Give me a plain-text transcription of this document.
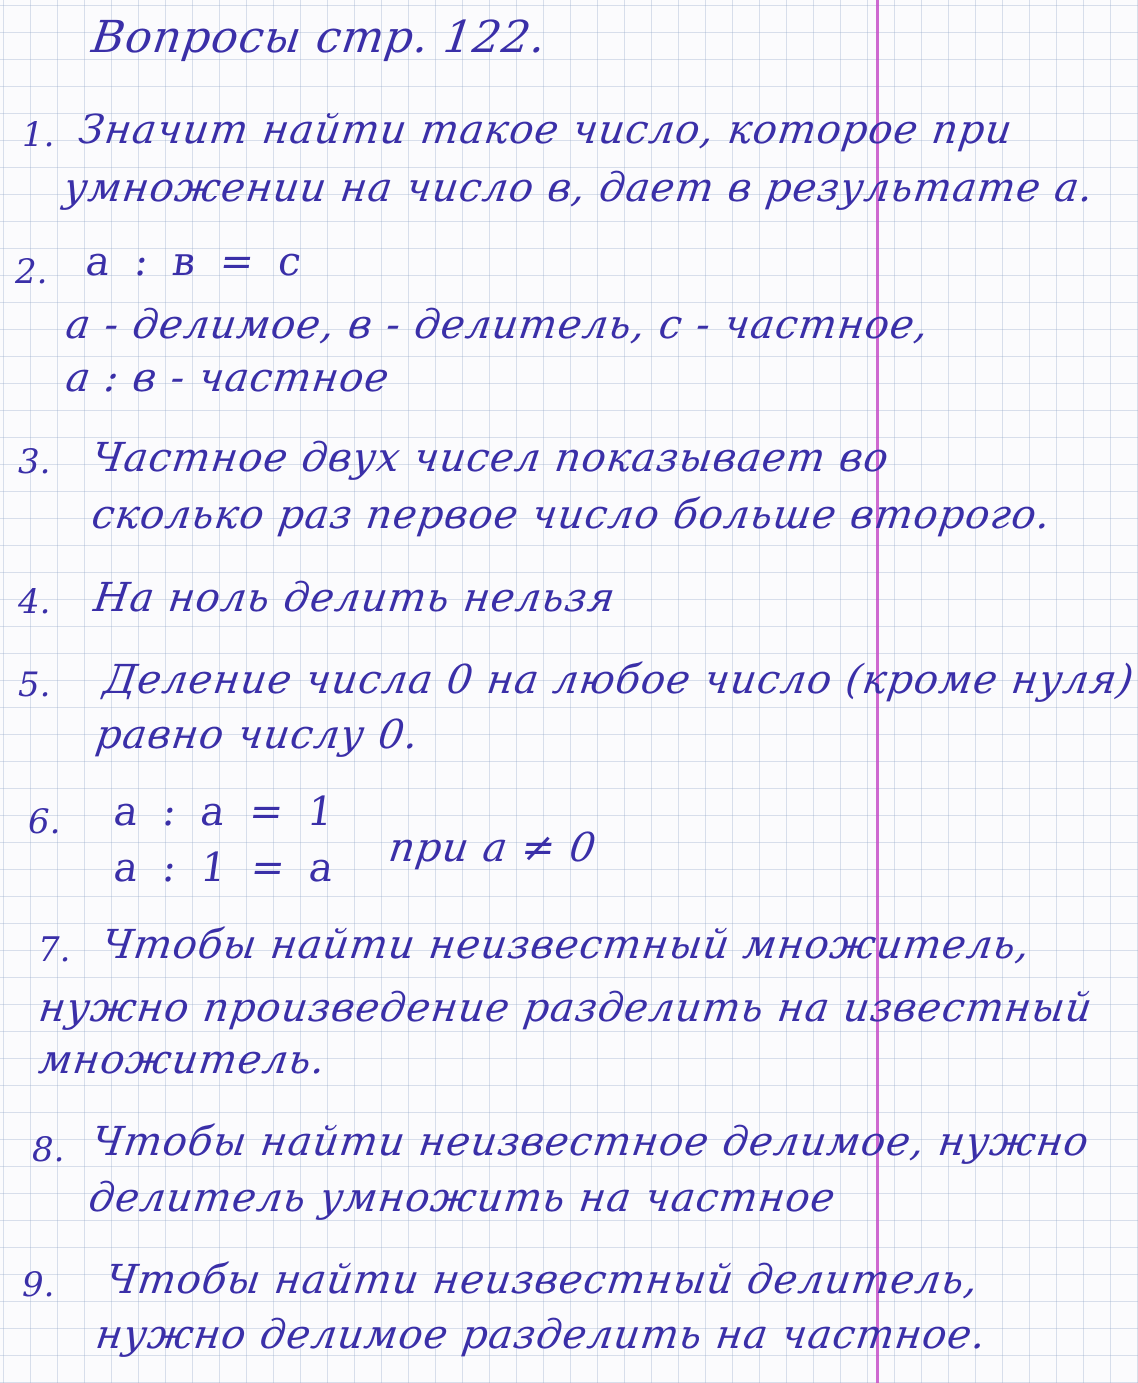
Вопросы стр. 122.
1. Значит найти такое число, которое при
умножении на число в, дает в результате а.
2. а : в = с
а - делимое, в - делитель, с - частное,
а : в - частное
3. Частное двух чисел показывает во
сколько раз первое число больше второго.
4. На ноль делить нельзя
5. Деление числа 0 на любое число (кроме нуля)
равно числу 0.
6. а : а = 1
а : 1 = а при а ≠ 0
7. Чтобы найти неизвестный множитель,
нужно произведение разделить на известный
множитель.
8. Чтобы найти неизвестное делимое, нужно
делитель умножить на частное
9. Чтобы найти неизвестный делитель,
нужно делимое разделить на частное.
